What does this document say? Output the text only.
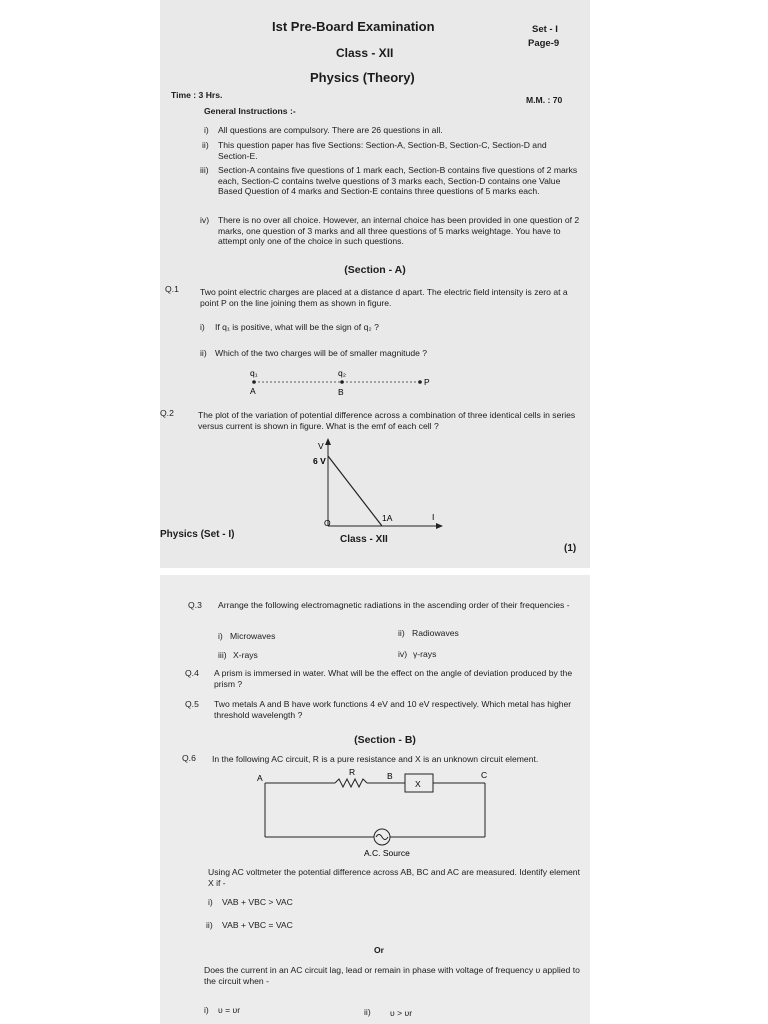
Ist Pre-Board Examination	Set - I
Page-9
Class - XII
Physics (Theory)
Time : 3 Hrs.	M.M. : 70
General Instructions :-
i) All questions are compulsory. There are 26 questions in all.
ii) This question paper has five Sections: Section-A, Section-B, Section-C, Section-D and Section-E.
iii) Section-A contains five questions of 1 mark each, Section-B contains five questions of 2 marks each, Section-C contains twelve questions of 3 marks each, Section-D contains one Value Based Question of 4 marks and Section-E contains three questions of 5 marks each.
iv) There is no over all choice. However, an internal choice has been provided in one question of 2 marks, one question of 3 marks and all three questions of 5 marks weightage. You have to attempt only one of the choice in such questions.
(Section - A)
Q.1 Two point electric charges are placed at a distance d apart. The electric field intensity is zero at a point P on the line joining them as shown in figure.
i) If q₁ is positive, what will be the sign of q₂ ?
ii) Which of the two charges will be of smaller magnitude ?
q₁	q₂
A	B
P
Q.2	The plot of the variation of potential difference across a combination of three identical cells in series versus current is shown in figure. What is the emf of each cell ?
V
6 V
O	1A	I
Physics (Set - I)	Class - XII
(1)
Q.3 Arrange the following electromagnetic radiations in the ascending order of their frequencies -
i) Microwaves	ii) Radiowaves
iii) X-rays	iv) γ-rays
Q.4 A prism is immersed in water. What will be the effect on the angle of deviation produced by the prism ?
Q.5 Two metals A and B have work functions 4 eV and 10 eV respectively. Which metal has higher threshold wavelength ?
(Section - B)
Q.6 In the following AC circuit, R is a pure resistance and X is an unknown circuit element.
A
R	B
X
C
A.C. Source
Using AC voltmeter the potential difference across AB, BC and AC are measured. Identify element X if -
i) VAB + VBC > VAC
ii) VAB + VBC = VAC
Or
Does the current in an AC circuit lag, lead or remain in phase with voltage of frequency υ applied to the circuit when -
i) υ = υr	ii) υ > υr
